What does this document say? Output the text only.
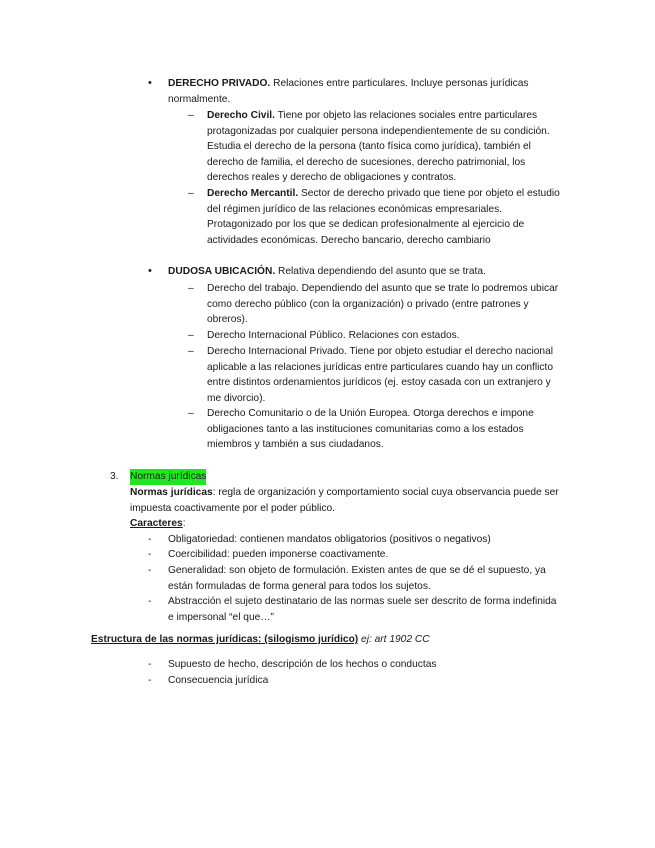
• DERECHO PRIVADO. Relaciones entre particulares. Incluye personas jurídicas normalmente.

– Derecho Civil. Tiene por objeto las relaciones sociales entre particulares protagonizadas por cualquier persona independientemente de su condición. Estudia el derecho de la persona (tanto física como jurídica), también el derecho de familia, el derecho de sucesiones, derecho patrimonial, los derechos reales y derecho de obligaciones y contratos.

– Derecho Mercantil. Sector de derecho privado que tiene por objeto el estudio del régimen jurídico de las relaciones económicas empresariales. Protagonizado por los que se dedican profesionalmente al ejercicio de actividades económicas. Derecho bancario, derecho cambiario

• DUDOSA UBICACIÓN. Relativa dependiendo del asunto que se trata.

– Derecho del trabajo. Dependiendo del asunto que se trate lo podremos ubicar como derecho público (con la organización) o privado (entre patrones y obreros).

– Derecho Internacional Público. Relaciones con estados.

– Derecho Internacional Privado. Tiene por objeto estudiar el derecho nacional aplicable a las relaciones jurídicas entre particulares cuando hay un conflicto entre distintos ordenamientos jurídicos (ej. estoy casada con un extranjero y me divorcio).

– Derecho Comunitario o de la Unión Europea. Otorga derechos e impone obligaciones tanto a las instituciones comunitarias como a los estados miembros y también a sus ciudadanos.

3. Normas jurídicas

Normas jurídicas: regla de organización y comportamiento social cuya observancia puede ser impuesta coactivamente por el poder público.

Caracteres:
- Obligatoriedad: contienen mandatos obligatorios (positivos o negativos)

- Coercibilidad: pueden imponerse coactivamente.

- Generalidad: son objeto de formulación. Existen antes de que se dé el supuesto, ya están formuladas de forma general para todos los sujetos.

- Abstracción el sujeto destinatario de las normas suele ser descrito de forma indefinida e impersonal “el que…”

Estructura de las normas jurídicas: (silogismo jurídico) ej: art 1902 CC
- Supuesto de hecho, descripción de los hechos o conductas

- Consecuencia jurídica
